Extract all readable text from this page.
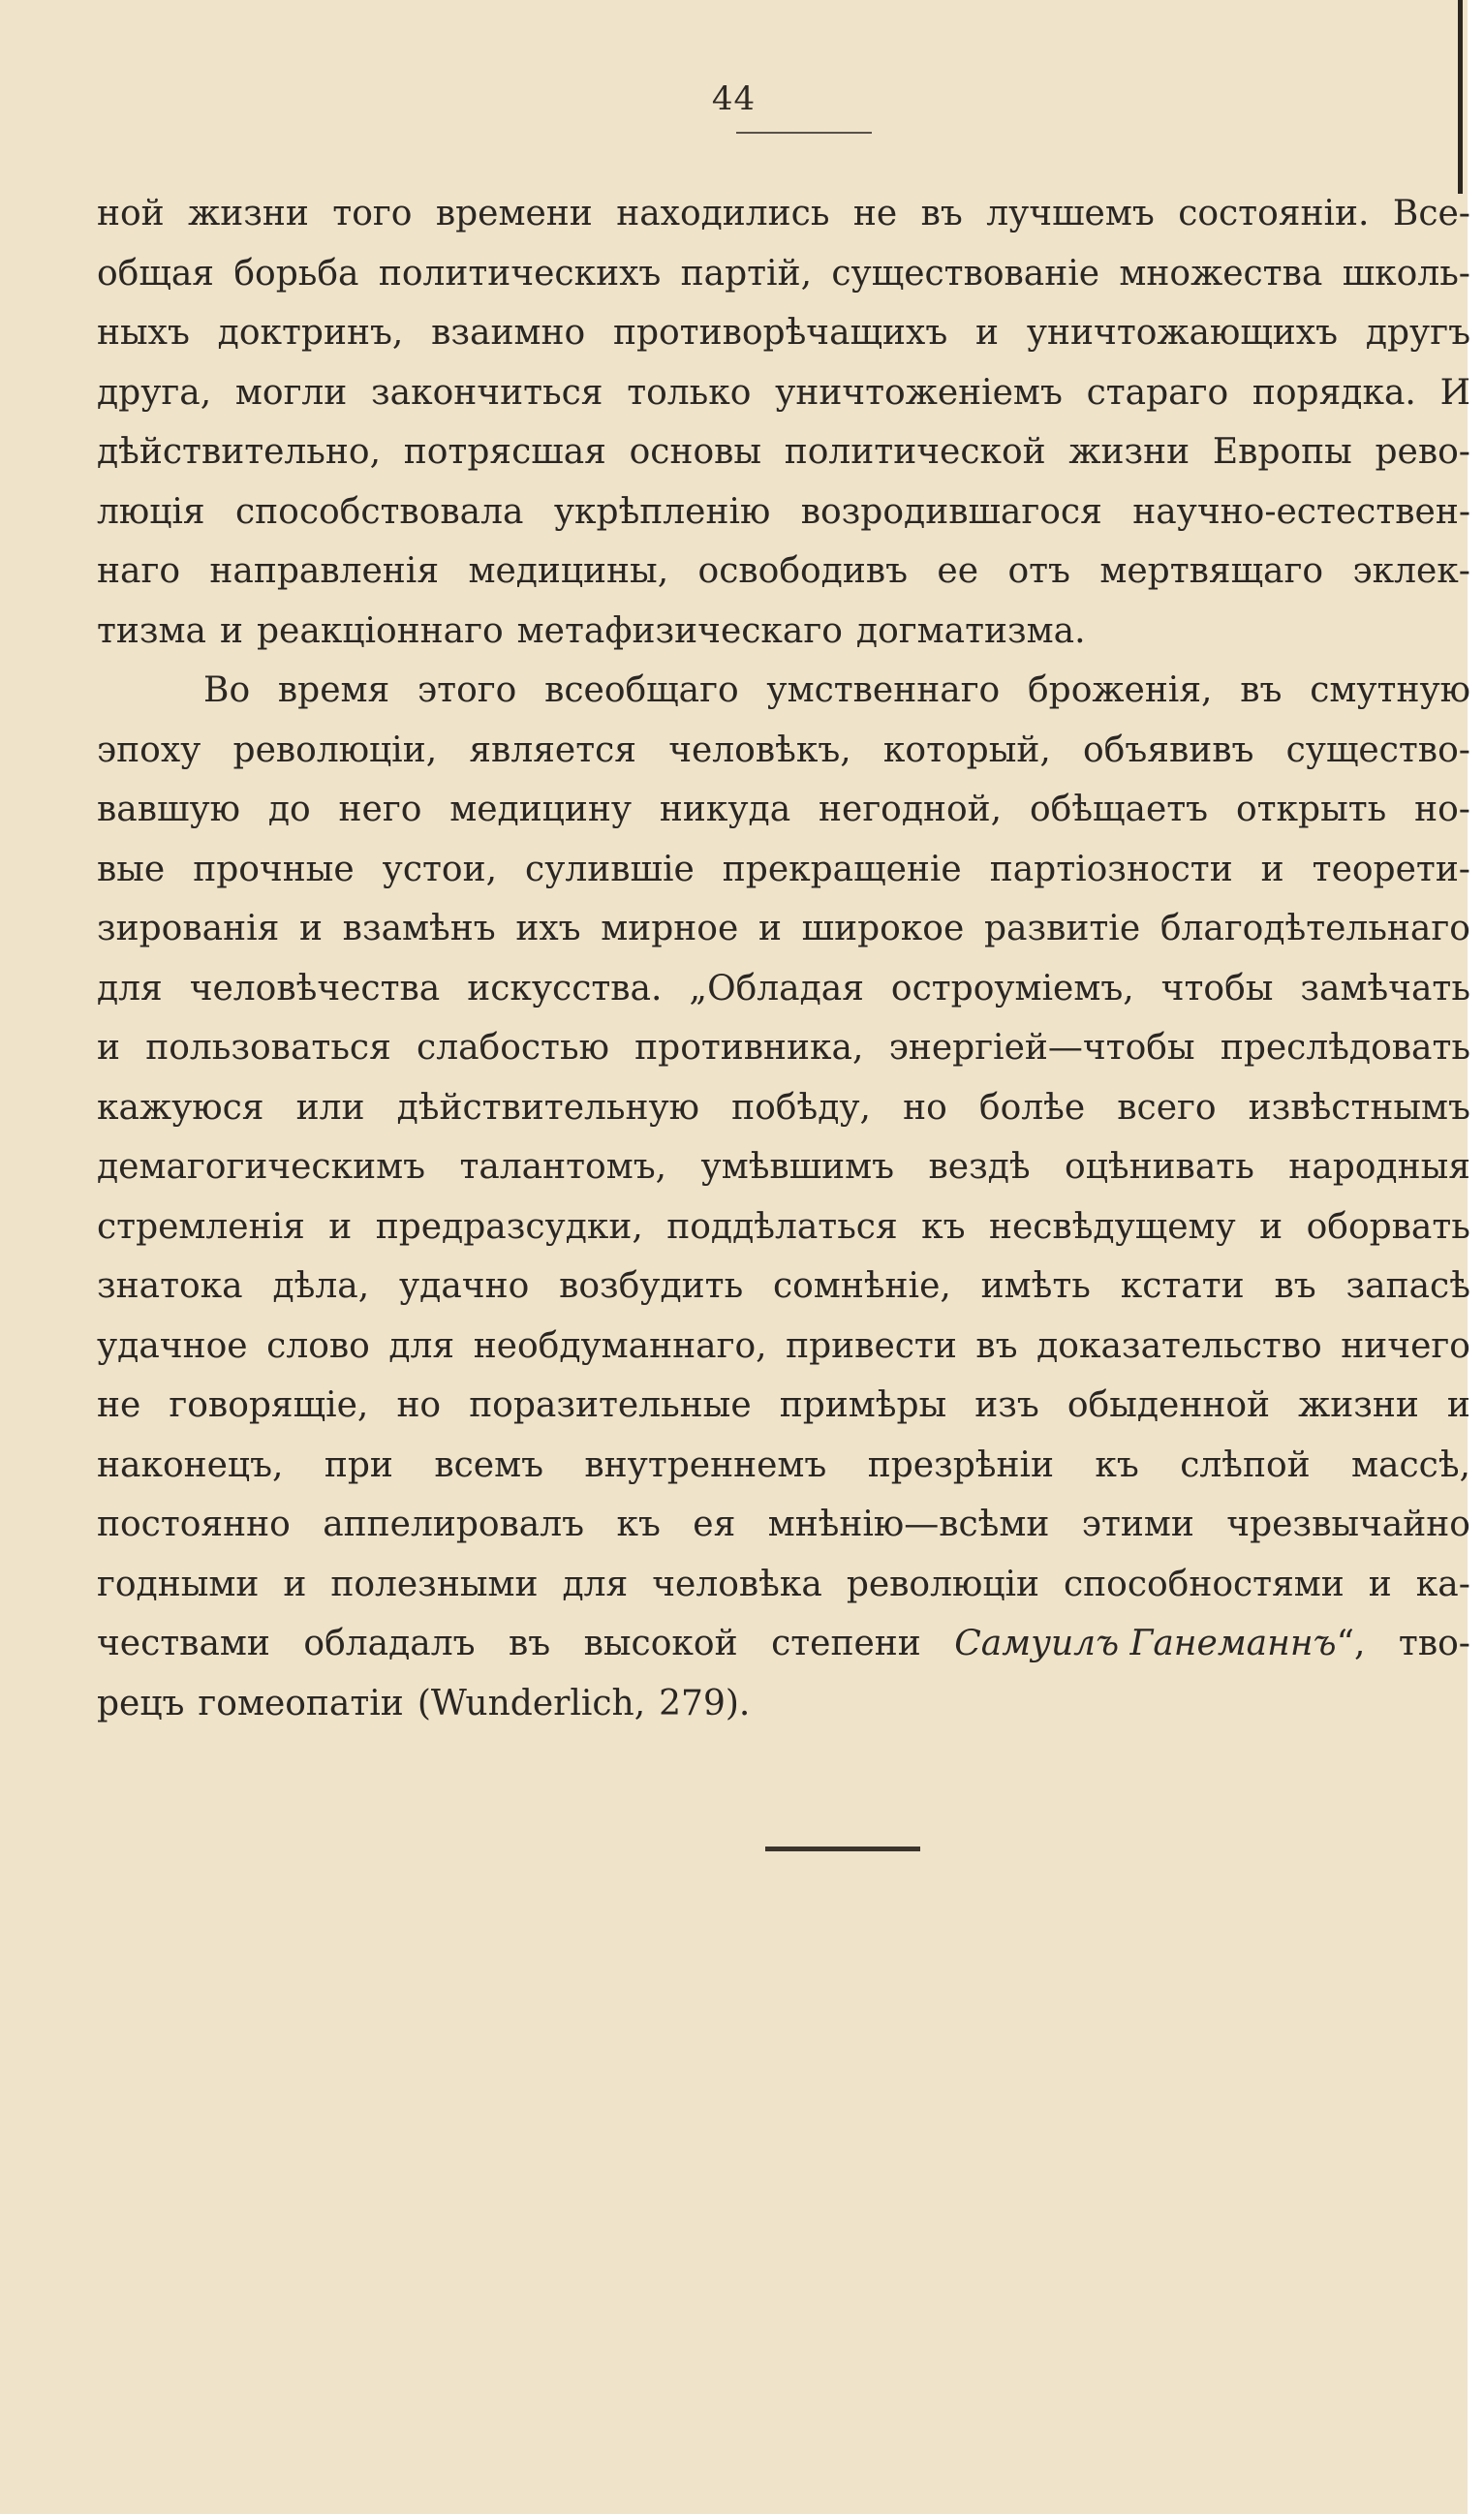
44
ной жизни того времени находились не въ лучшемъ состояніи. Все-
общая борьба политическихъ партій, существованіе множества школь-
ныхъ доктринъ, взаимно противорѣчащихъ и уничтожающихъ другъ
друга, могли закончиться только уничтоженіемъ стараго порядка. И
дѣйствительно, потрясшая основы политической жизни Европы рево-
люція способствовала укрѣпленію возродившагося научно-естествен-
наго направленія медицины, освободивъ ее отъ мертвящаго эклек-
тизма и реакціоннаго метафизическаго догматизма.
Во время этого всеобщаго умственнаго броженія, въ смутную
эпоху революціи, является человѣкъ, который, объявивъ существо-
вавшую до него медицину никуда негодной, обѣщаетъ открыть но-
вые прочные устои, сулившіе прекращеніе партіозности и теорети-
зированія и взамѣнъ ихъ мирное и широкое развитіе благодѣтельнаго
для человѣчества искусства. „Обладая остроуміемъ, чтобы замѣчать
и пользоваться слабостью противника, энергіей—чтобы преслѣдовать
кажуюся или дѣйствительную побѣду, но болѣе всего извѣстнымъ
демагогическимъ талантомъ, умѣвшимъ вездѣ оцѣнивать народныя
стремленія и предразсудки, поддѣлаться къ несвѣдущему и оборвать
знатока дѣла, удачно возбудить сомнѣніе, имѣть кстати въ запасѣ
удачное слово для необдуманнаго, привести въ доказательство ничего
не говорящіе, но поразительные примѣры изъ обыденной жизни и
наконецъ, при всемъ внутреннемъ презрѣніи къ слѣпой массѣ,
постоянно аппелировалъ къ ея мнѣнію—всѣми этими чрезвычайно
годными и полезными для человѣка революціи способностями и ка-
чествами обладалъ въ высокой степени Самуилъ Ганеманнъ“, тво-
рецъ гомеопатіи (Wunderlich, 279).
